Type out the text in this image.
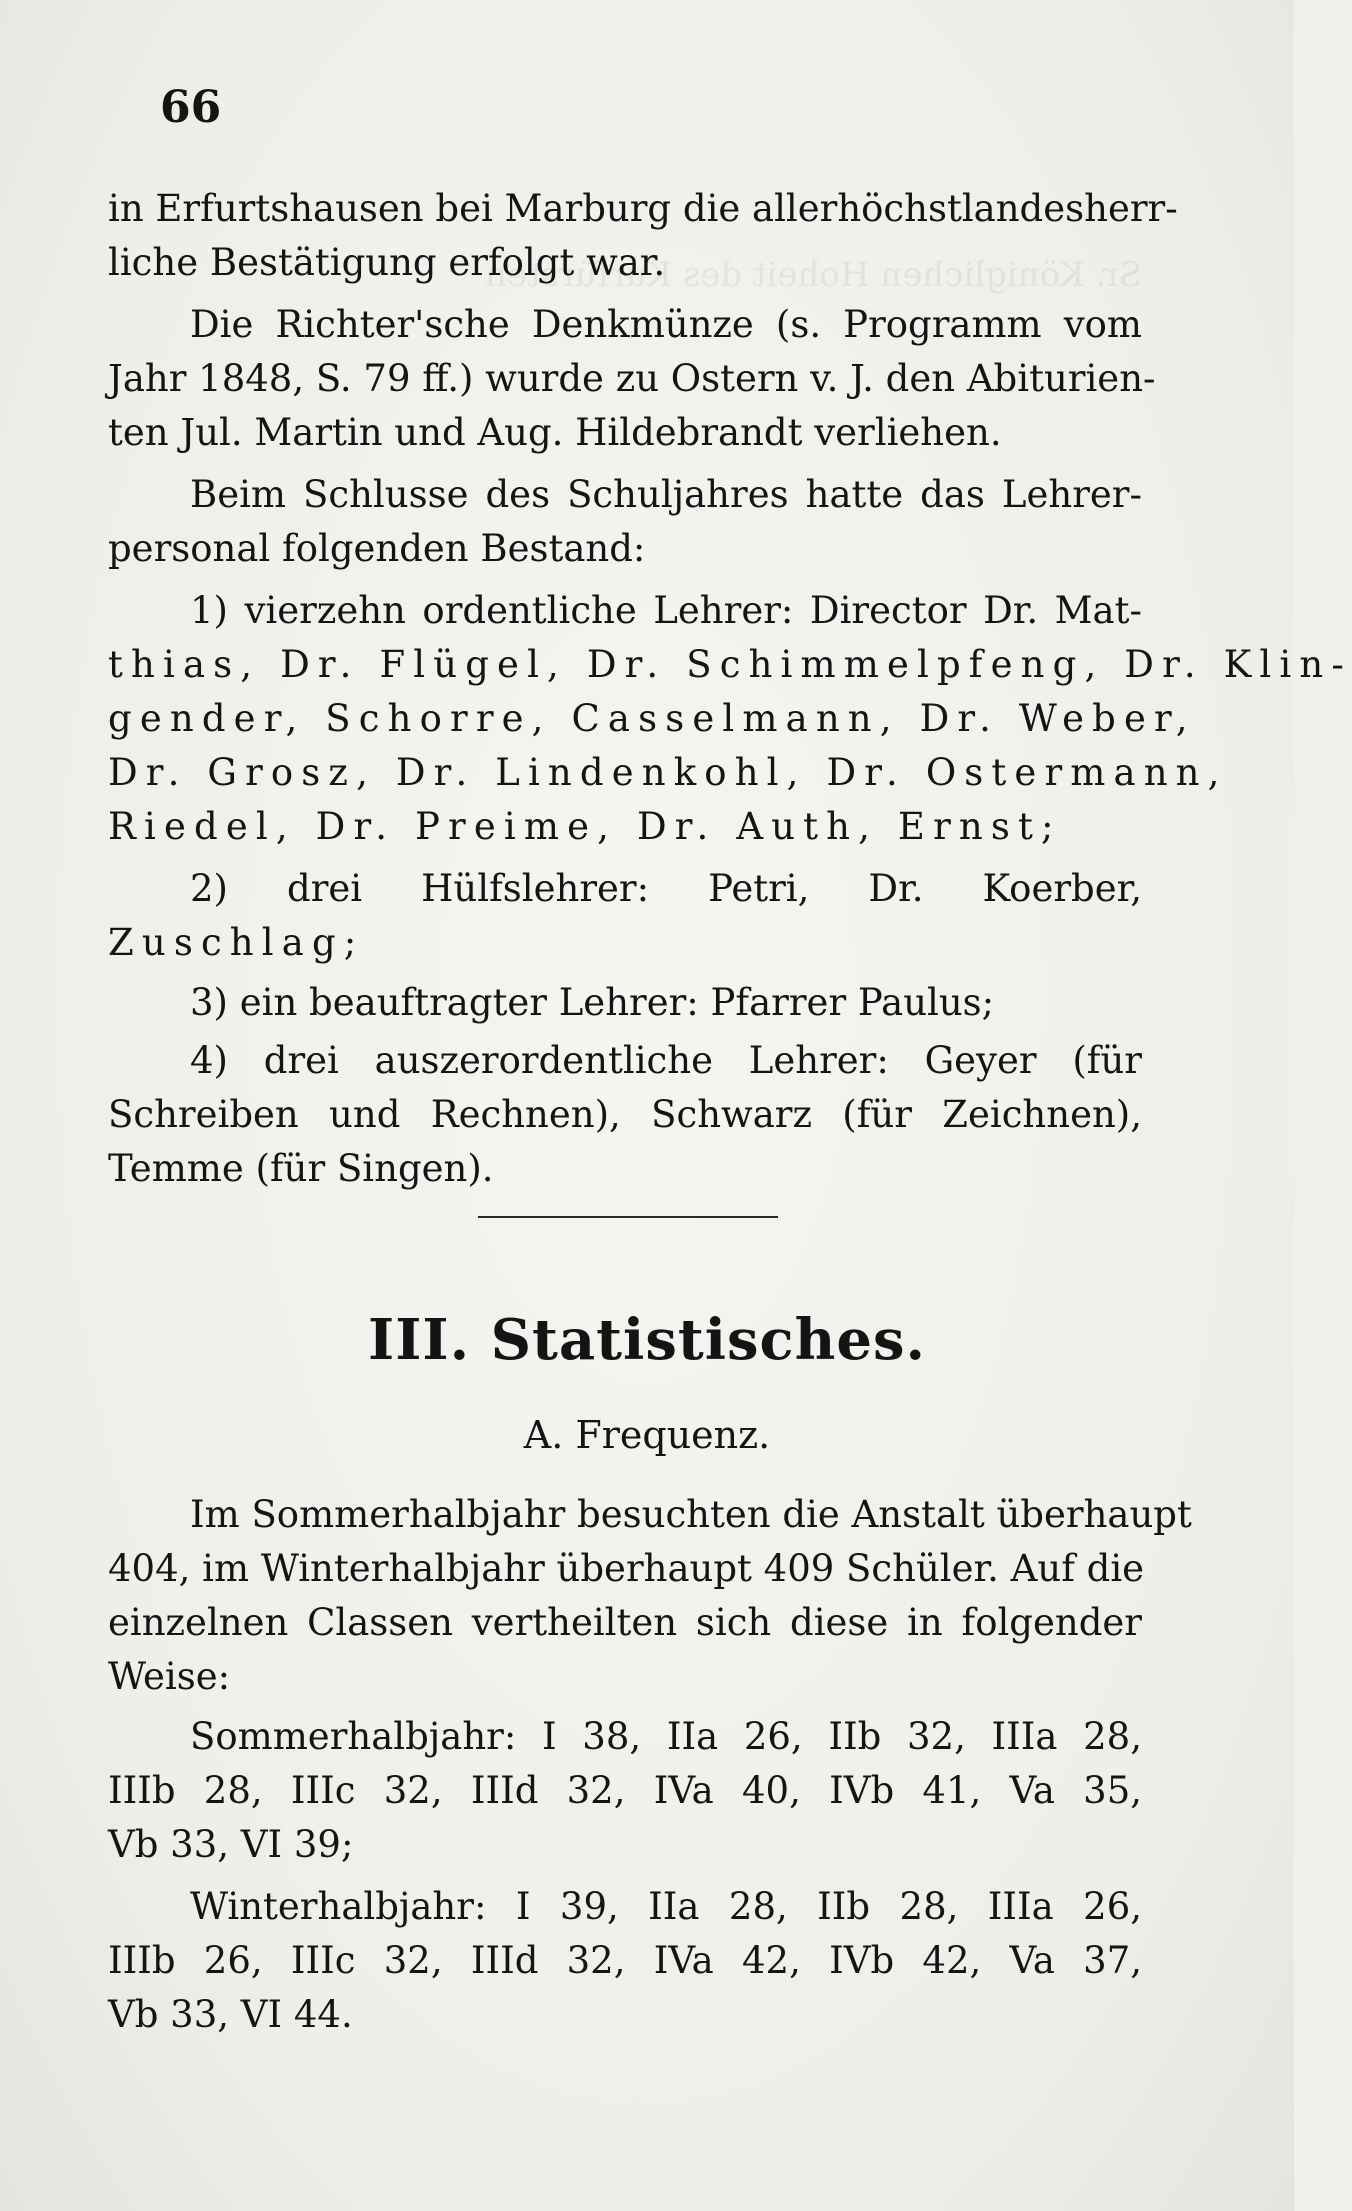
Sr. Königlichen Hoheit des Kurfürsten
66
in Erfurtshausen bei Marburg die allerhöchstlandesherr-
liche Bestätigung erfolgt war.
Die Richter'sche Denkmünze (s. Programm vom
Jahr 1848, S. 79 ff.) wurde zu Ostern v. J. den Abiturien-
ten Jul. Martin und Aug. Hildebrandt verliehen.
Beim Schlusse des Schuljahres hatte das Lehrer-
personal folgenden Bestand:
1) vierzehn ordentliche Lehrer: Director Dr. Mat-
thias, Dr. Flügel, Dr. Schimmelpfeng, Dr. Klin-
gender, Schorre, Casselmann, Dr. Weber,
Dr. Grosz, Dr. Lindenkohl, Dr. Ostermann,
Riedel, Dr. Preime, Dr. Auth, Ernst;
2) drei Hülfslehrer: Petri, Dr. Koerber,
Zuschlag;
3) ein beauftragter Lehrer: Pfarrer Paulus;
4) drei auszerordentliche Lehrer: Geyer (für
Schreiben und Rechnen), Schwarz (für Zeichnen),
Temme (für Singen).
III. Statistisches.
A. Frequenz.
Im Sommerhalbjahr besuchten die Anstalt überhaupt
404, im Winterhalbjahr überhaupt 409 Schüler. Auf die
einzelnen Classen vertheilten sich diese in folgender
Weise:
Sommerhalbjahr: I 38, IIa 26, IIb 32, IIIa 28,
IIIb 28, IIIc 32, IIId 32, IVa 40, IVb 41, Va 35,
Vb 33, VI 39;
Winterhalbjahr: I 39, IIa 28, IIb 28, IIIa 26,
IIIb 26, IIIc 32, IIId 32, IVa 42, IVb 42, Va 37,
Vb 33, VI 44.
